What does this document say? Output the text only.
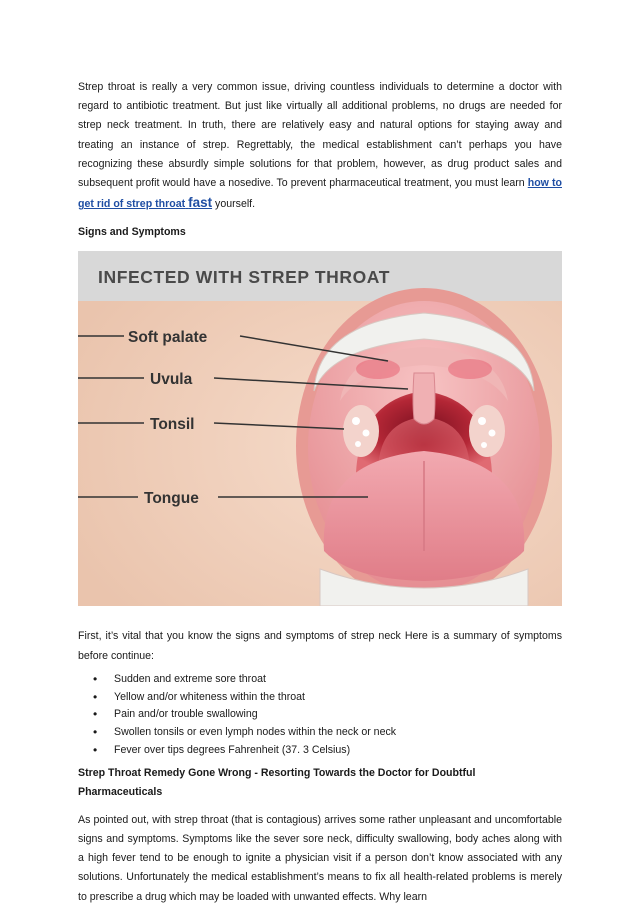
Strep throat is really a very common issue, driving countless individuals to determine a doctor with regard to antibiotic treatment. But just like virtually all additional problems, no drugs are needed for strep neck treatment. In truth, there are relatively easy and natural options for staying away and treating an instance of strep. Regrettably, the medical establishment can’t perhaps you have recognizing these absurdly simple solutions for that problem, however, as drug product sales and subsequent profit would have a nosedive. To prevent pharmaceutical treatment, you must learn how to get rid of strep throat fast yourself.

Signs and Symptoms
INFECTED WITH STREP THROAT
Soft palate
Uvula
Tonsil
Tongue

First, it’s vital that you know the signs and symptoms of strep neck Here is a summary of symptoms before continue:

• Sudden and extreme sore throat
• Yellow and/or whiteness within the throat
• Pain and/or trouble swallowing
• Swollen tonsils or even lymph nodes within the neck or neck
• Fever over tips degrees Fahrenheit (37. 3 Celsius)
Strep Throat Remedy Gone Wrong - Resorting Towards the Doctor for Doubtful Pharmaceuticals

As pointed out, with strep throat (that is contagious) arrives some rather unpleasant and uncomfortable signs and symptoms. Symptoms like the sever sore neck, difficulty swallowing, body aches along with a high fever tend to be enough to ignite a physician visit if a person don’t know associated with any solutions. Unfortunately the medical establishment’s means to fix all health-related problems is merely to prescribe a drug which may be loaded with unwanted effects. Why learn
